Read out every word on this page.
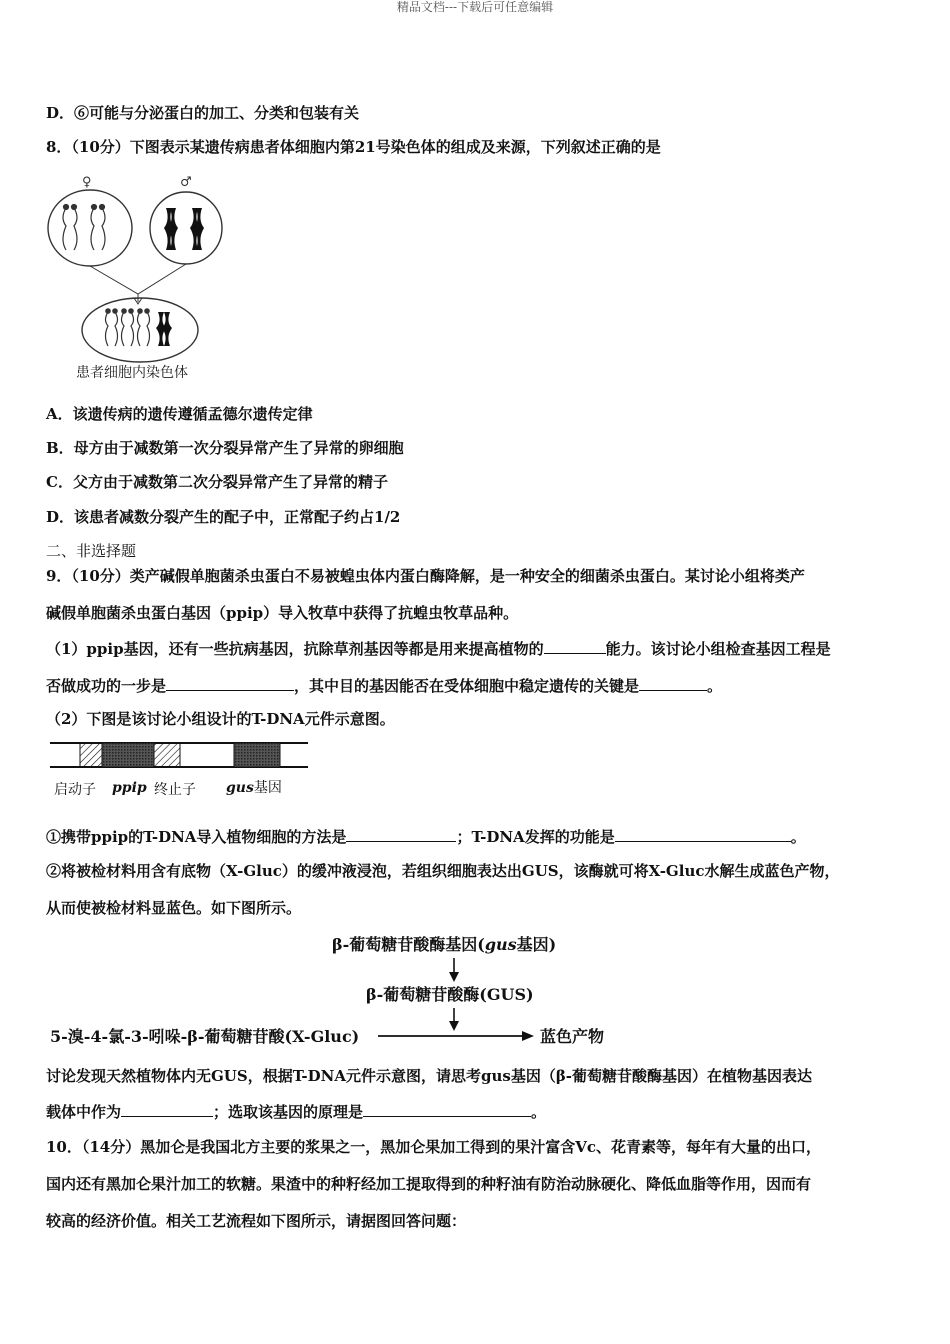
精品文档---下载后可任意编辑
D．⑥可能与分泌蛋白的加工、分类和包装有关
8．（10分）下图表示某遗传病患者体细胞内第21号染色体的组成及来源，下列叙述正确的是
♀	♂
患者细胞内染色体
A．该遗传病的遗传遵循孟德尔遗传定律
B．母方由于减数第一次分裂异常产生了异常的卵细胞
C．父方由于减数第二次分裂异常产生了异常的精子
D．该患者减数分裂产生的配子中，正常配子约占1/2
二、非选择题
9．（10分）类产碱假单胞菌杀虫蛋白不易被蝗虫体内蛋白酶降解，是一种安全的细菌杀虫蛋白。某讨论小组将类产
碱假单胞菌杀虫蛋白基因（ppip）导入牧草中获得了抗蝗虫牧草品种。
（1）ppip基因，还有一些抗病基因，抗除草剂基因等都是用来提高植物的	能力。该讨论小组检查基因工程是
否做成功的一步是	，其中目的基因能否在受体细胞中稳定遗传的关键是	。
（2）下图是该讨论小组设计的T-DNA元件示意图。
启动子 ppip 终止子 gus基因
①携带ppip的T-DNA导入植物细胞的方法是	；T-DNA发挥的功能是	。
②将被检材料用含有底物（X-Gluc）的缓冲液浸泡，若组织细胞表达出GUS，该酶就可将X-Gluc水解生成蓝色产物，
从而使被检材料显蓝色。如下图所示。
β-葡萄糖苷酸酶基因(gus基因)
β-葡萄糖苷酸酶(GUS)
5-溴-4-氯-3-吲哚-β-葡萄糖苷酸(X-Gluc)	蓝色产物
讨论发现天然植物体内无GUS，根据T-DNA元件示意图，请思考gus基因（β-葡萄糖苷酸酶基因）在植物基因表达
载体中作为	；选取该基因的原理是	。
10．（14分）黑加仑是我国北方主要的浆果之一，黑加仑果加工得到的果汁富含Vc、花青素等，每年有大量的出口，
国内还有黑加仑果汁加工的软糖。果渣中的种籽经加工提取得到的种籽油有防治动脉硬化、降低血脂等作用，因而有
较高的经济价值。相关工艺流程如下图所示，请据图回答问题：
